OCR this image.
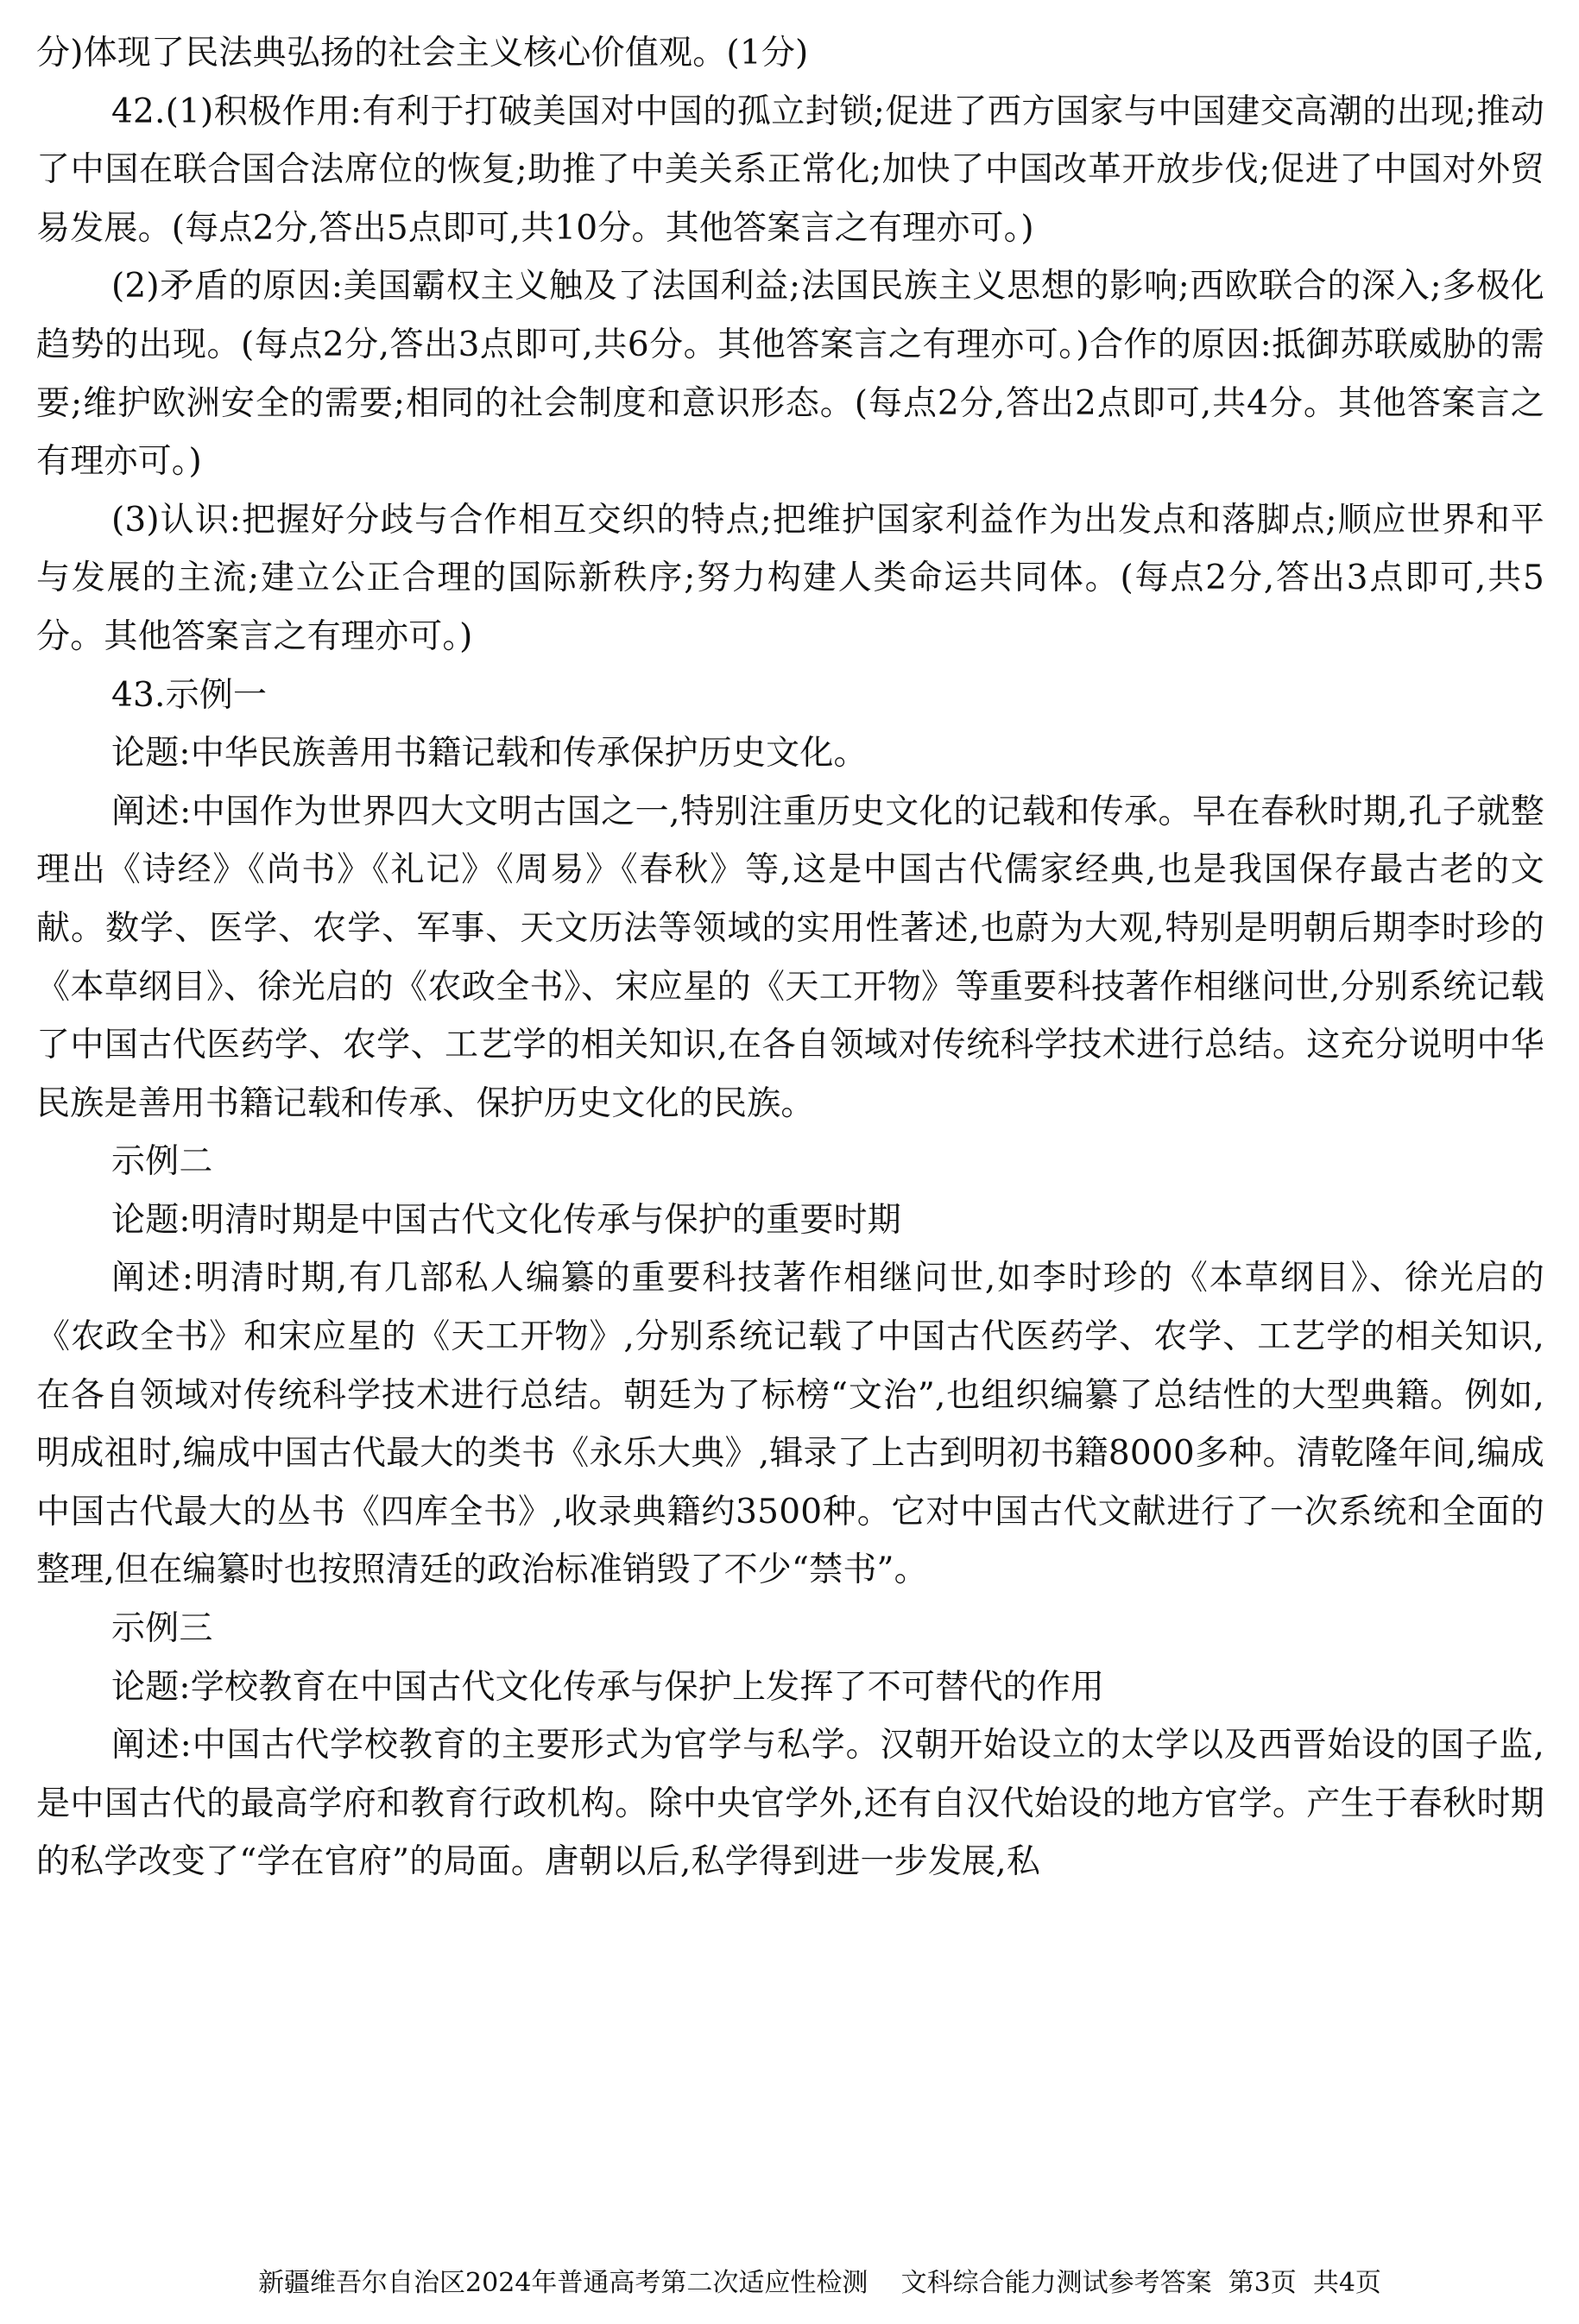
分)体现了民法典弘扬的社会主义核心价值观。(1分)

42.(1)积极作用:有利于打破美国对中国的孤立封锁;促进了西方国家与中国建交高潮的出现;推动了中国在联合国合法席位的恢复;助推了中美关系正常化;加快了中国改革开放步伐;促进了中国对外贸易发展。(每点2分,答出5点即可,共10分。其他答案言之有理亦可。)

(2)矛盾的原因:美国霸权主义触及了法国利益;法国民族主义思想的影响;西欧联合的深入;多极化趋势的出现。(每点2分,答出3点即可,共6分。其他答案言之有理亦可。)合作的原因:抵御苏联威胁的需要;维护欧洲安全的需要;相同的社会制度和意识形态。(每点2分,答出2点即可,共4分。其他答案言之有理亦可。)

(3)认识:把握好分歧与合作相互交织的特点;把维护国家利益作为出发点和落脚点;顺应世界和平与发展的主流;建立公正合理的国际新秩序;努力构建人类命运共同体。(每点2分,答出3点即可,共5分。其他答案言之有理亦可。)

43.示例一

论题:中华民族善用书籍记载和传承保护历史文化。

阐述:中国作为世界四大文明古国之一,特别注重历史文化的记载和传承。早在春秋时期,孔子就整理出《诗经》《尚书》《礼记》《周易》《春秋》等,这是中国古代儒家经典,也是我国保存最古老的文献。数学、医学、农学、军事、天文历法等领域的实用性著述,也蔚为大观,特别是明朝后期李时珍的《本草纲目》、徐光启的《农政全书》、宋应星的《天工开物》等重要科技著作相继问世,分别系统记载了中国古代医药学、农学、工艺学的相关知识,在各自领域对传统科学技术进行总结。这充分说明中华民族是善用书籍记载和传承、保护历史文化的民族。

示例二

论题:明清时期是中国古代文化传承与保护的重要时期

阐述:明清时期,有几部私人编纂的重要科技著作相继问世,如李时珍的《本草纲目》、徐光启的《农政全书》和宋应星的《天工开物》,分别系统记载了中国古代医药学、农学、工艺学的相关知识,在各自领域对传统科学技术进行总结。朝廷为了标榜“文治”,也组织编纂了总结性的大型典籍。例如,明成祖时,编成中国古代最大的类书《永乐大典》,辑录了上古到明初书籍8000多种。清乾隆年间,编成中国古代最大的丛书《四库全书》,收录典籍约3500种。它对中国古代文献进行了一次系统和全面的整理,但在编纂时也按照清廷的政治标准销毁了不少“禁书”。

示例三

论题:学校教育在中国古代文化传承与保护上发挥了不可替代的作用

阐述:中国古代学校教育的主要形式为官学与私学。汉朝开始设立的太学以及西晋始设的国子监,是中国古代的最高学府和教育行政机构。除中央官学外,还有自汉代始设的地方官学。产生于春秋时期的私学改变了“学在官府”的局面。唐朝以后,私学得到进一步发展,私

新疆维吾尔自治区2024年普通高考第二次适应性检测 文科综合能力测试参考答案 第3页 共4页
